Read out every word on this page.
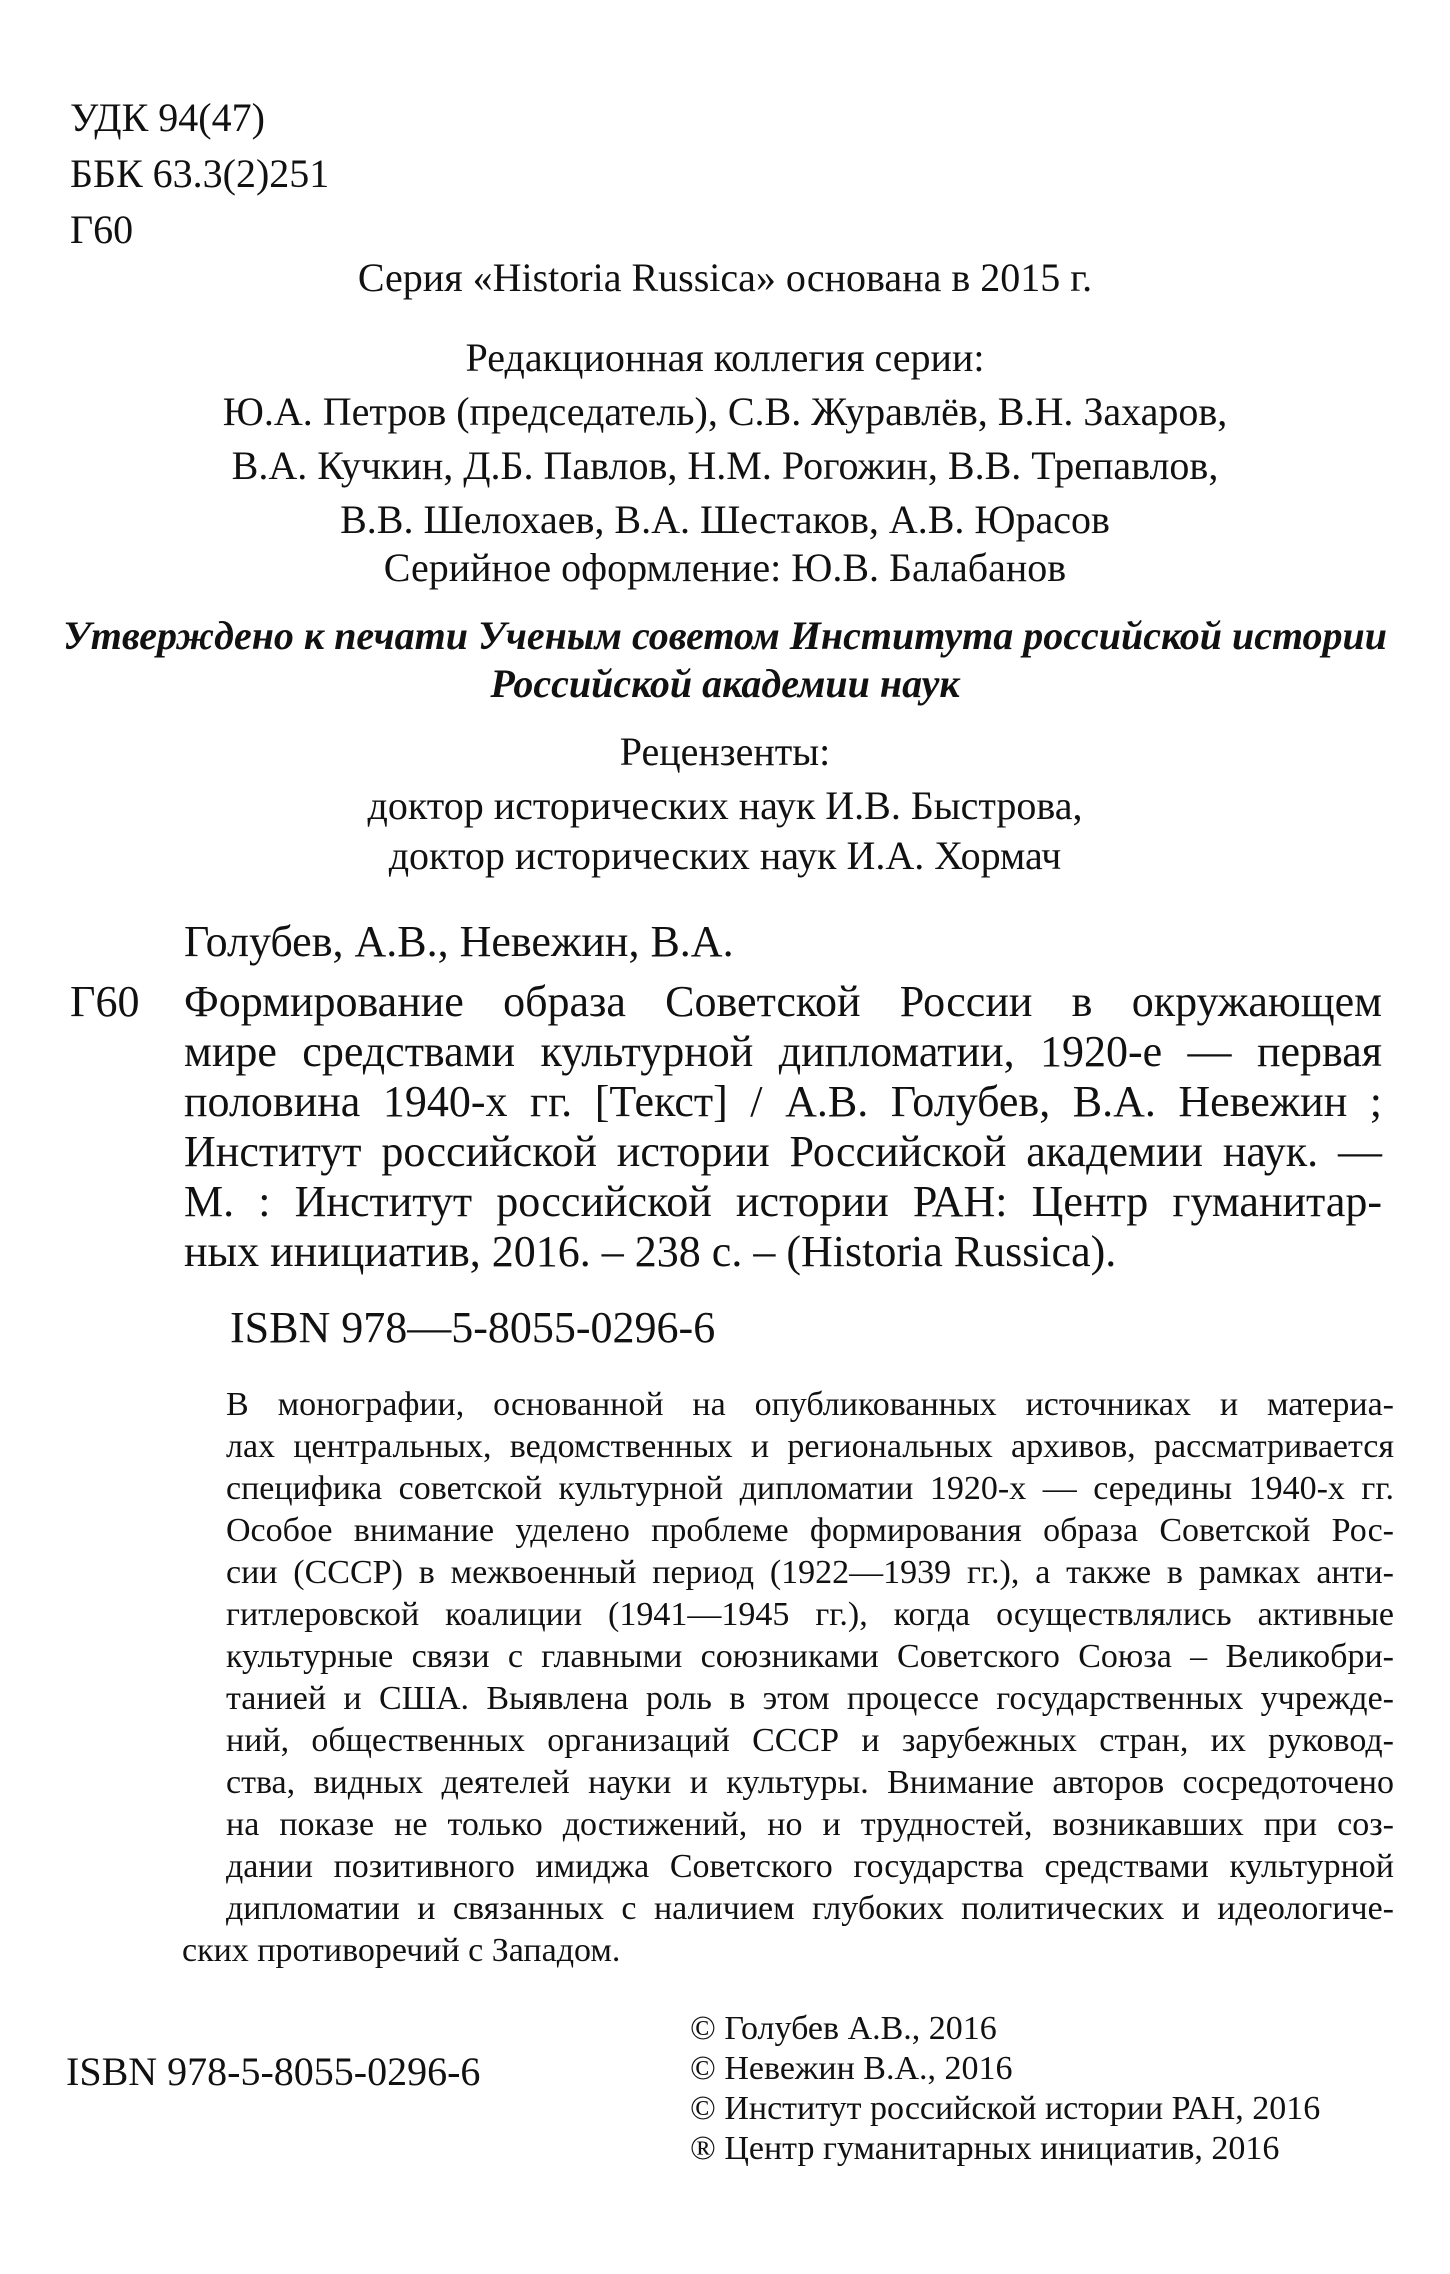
УДК 94(47)
ББК 63.3(2)251
Г60
Серия «Historia Russica» основана в 2015 г.
Редакционная коллегия серии:
Ю.А. Петров (председатель), С.В. Журавлёв, В.Н. Захаров,
В.А. Кучкин, Д.Б. Павлов, Н.М. Рогожин, В.В. Трепавлов,
В.В. Шелохаев, В.А. Шестаков, А.В. Юрасов
Серийное оформление: Ю.В. Балабанов
Утверждено к печати Ученым советом Института российской истории
Российской академии наук
Рецензенты:
доктор исторических наук И.В. Быстрова,
доктор исторических наук И.А. Хормач
Голубев, А.В., Невежин, В.А.
Г60 Формирование образа Советской России в окружающем
мире средствами культурной дипломатии, 1920-е — первая
половина 1940-х гг. [Текст] / А.В. Голубев, В.А. Невежин ;
Институт российской истории Российской академии наук. —
М. : Институт российской истории РАН: Центр гуманитар-
ных инициатив, 2016. – 238 с. – (Historia Russica).
ISBN 978—5-8055-0296-6
В монографии, основанной на опубликованных источниках и материа-
лах центральных, ведомственных и региональных архивов, рассматривается
специфика советской культурной дипломатии 1920-х — середины 1940-х гг.
Особое внимание уделено проблеме формирования образа Советской Рос-
сии (СССР) в межвоенный период (1922—1939 гг.), а также в рамках анти-
гитлеровской коалиции (1941—1945 гг.), когда осуществлялись активные
культурные связи с главными союзниками Советского Союза – Великобри-
танией и США. Выявлена роль в этом процессе государственных учрежде-
ний, общественных организаций СССР и зарубежных стран, их руковод-
ства, видных деятелей науки и культуры. Внимание авторов сосредоточено
на показе не только достижений, но и трудностей, возникавших при соз-
дании позитивного имиджа Советского государства средствами культурной
дипломатии и связанных с наличием глубоких политических и идеологиче-
ских противоречий с Западом.
ISBN 978-5-8055-0296-6
© Голубев А.В., 2016
© Невежин В.А., 2016
© Институт российской истории РАН, 2016
® Центр гуманитарных инициатив, 2016
